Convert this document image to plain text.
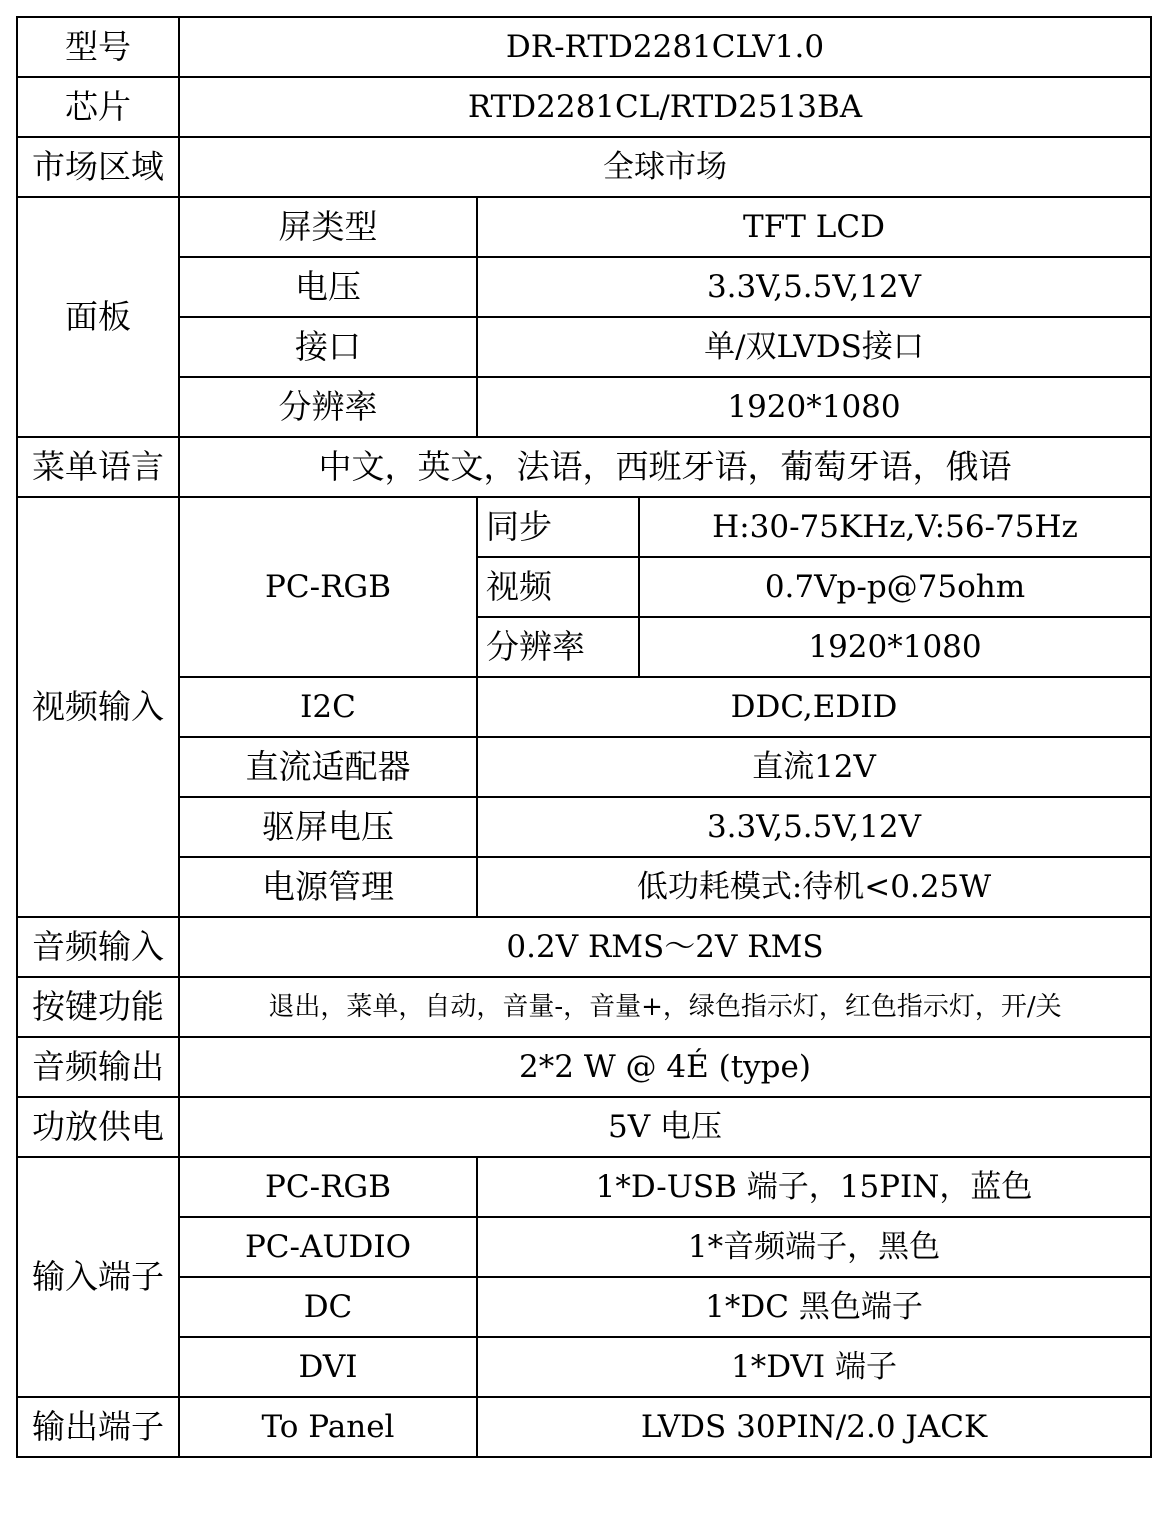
型号	DR-RTD2281CLV1.0		
芯片	RTD2281CL/RTD2513BA		
市场区域	全球市场		
面板	屏类型	TFT LCD	
	电压	3.3V,5.5V,12V	
	接口	单/双LVDS接口	
	分辨率	1920*1080	
菜单语言	中文，英文，法语，西班牙语，葡萄牙语，俄语		
视频输入	PC-RGB	同步	H:30-75KHz,V:56-75Hz
		视频	0.7Vp-p@75ohm
		分辨率	1920*1080
	I2C	DDC,EDID	
	直流适配器	直流12V	
	驱屏电压	3.3V,5.5V,12V	
	电源管理	低功耗模式:待机<0.25W	
音频输入	0.2V RMS～2V RMS		
按键功能	退出，菜单，自动，音量-，音量+，绿色指示灯，红色指示灯，开/关		
音频输出	2*2 W @ 4É (type)		
功放供电	5V 电压		
输入端子	PC-RGB	1*D-USB 端子，15PIN，蓝色	
	PC-AUDIO	1*音频端子，黑色	
	DC	1*DC 黑色端子	
	DVI	1*DVI 端子	
输出端子	To Panel	LVDS 30PIN/2.0 JACK	
